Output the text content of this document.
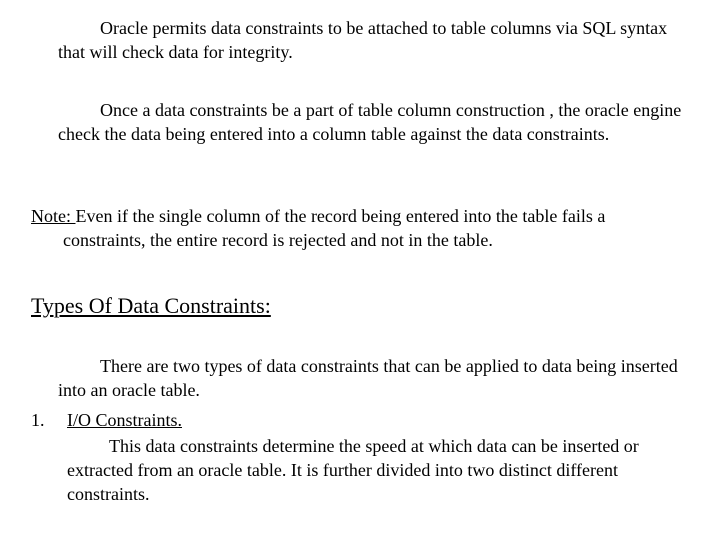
Oracle permits data constraints to be attached to table columns via SQL syntax that will check data for integrity.

Once a data constraints be a part of table column construction , the oracle engine check the data being entered into a column table against the data constraints.

Note: Even if the single column of the record being entered into the table fails a
constraints, the entire record is rejected and not in the table.
Types Of Data Constraints:

There are two types of data constraints that can be applied to data being inserted into an oracle table.

1. I/O Constraints.

This data constraints determine the speed at which data can be inserted or extracted from an oracle table. It is further divided into two distinct different constraints.
